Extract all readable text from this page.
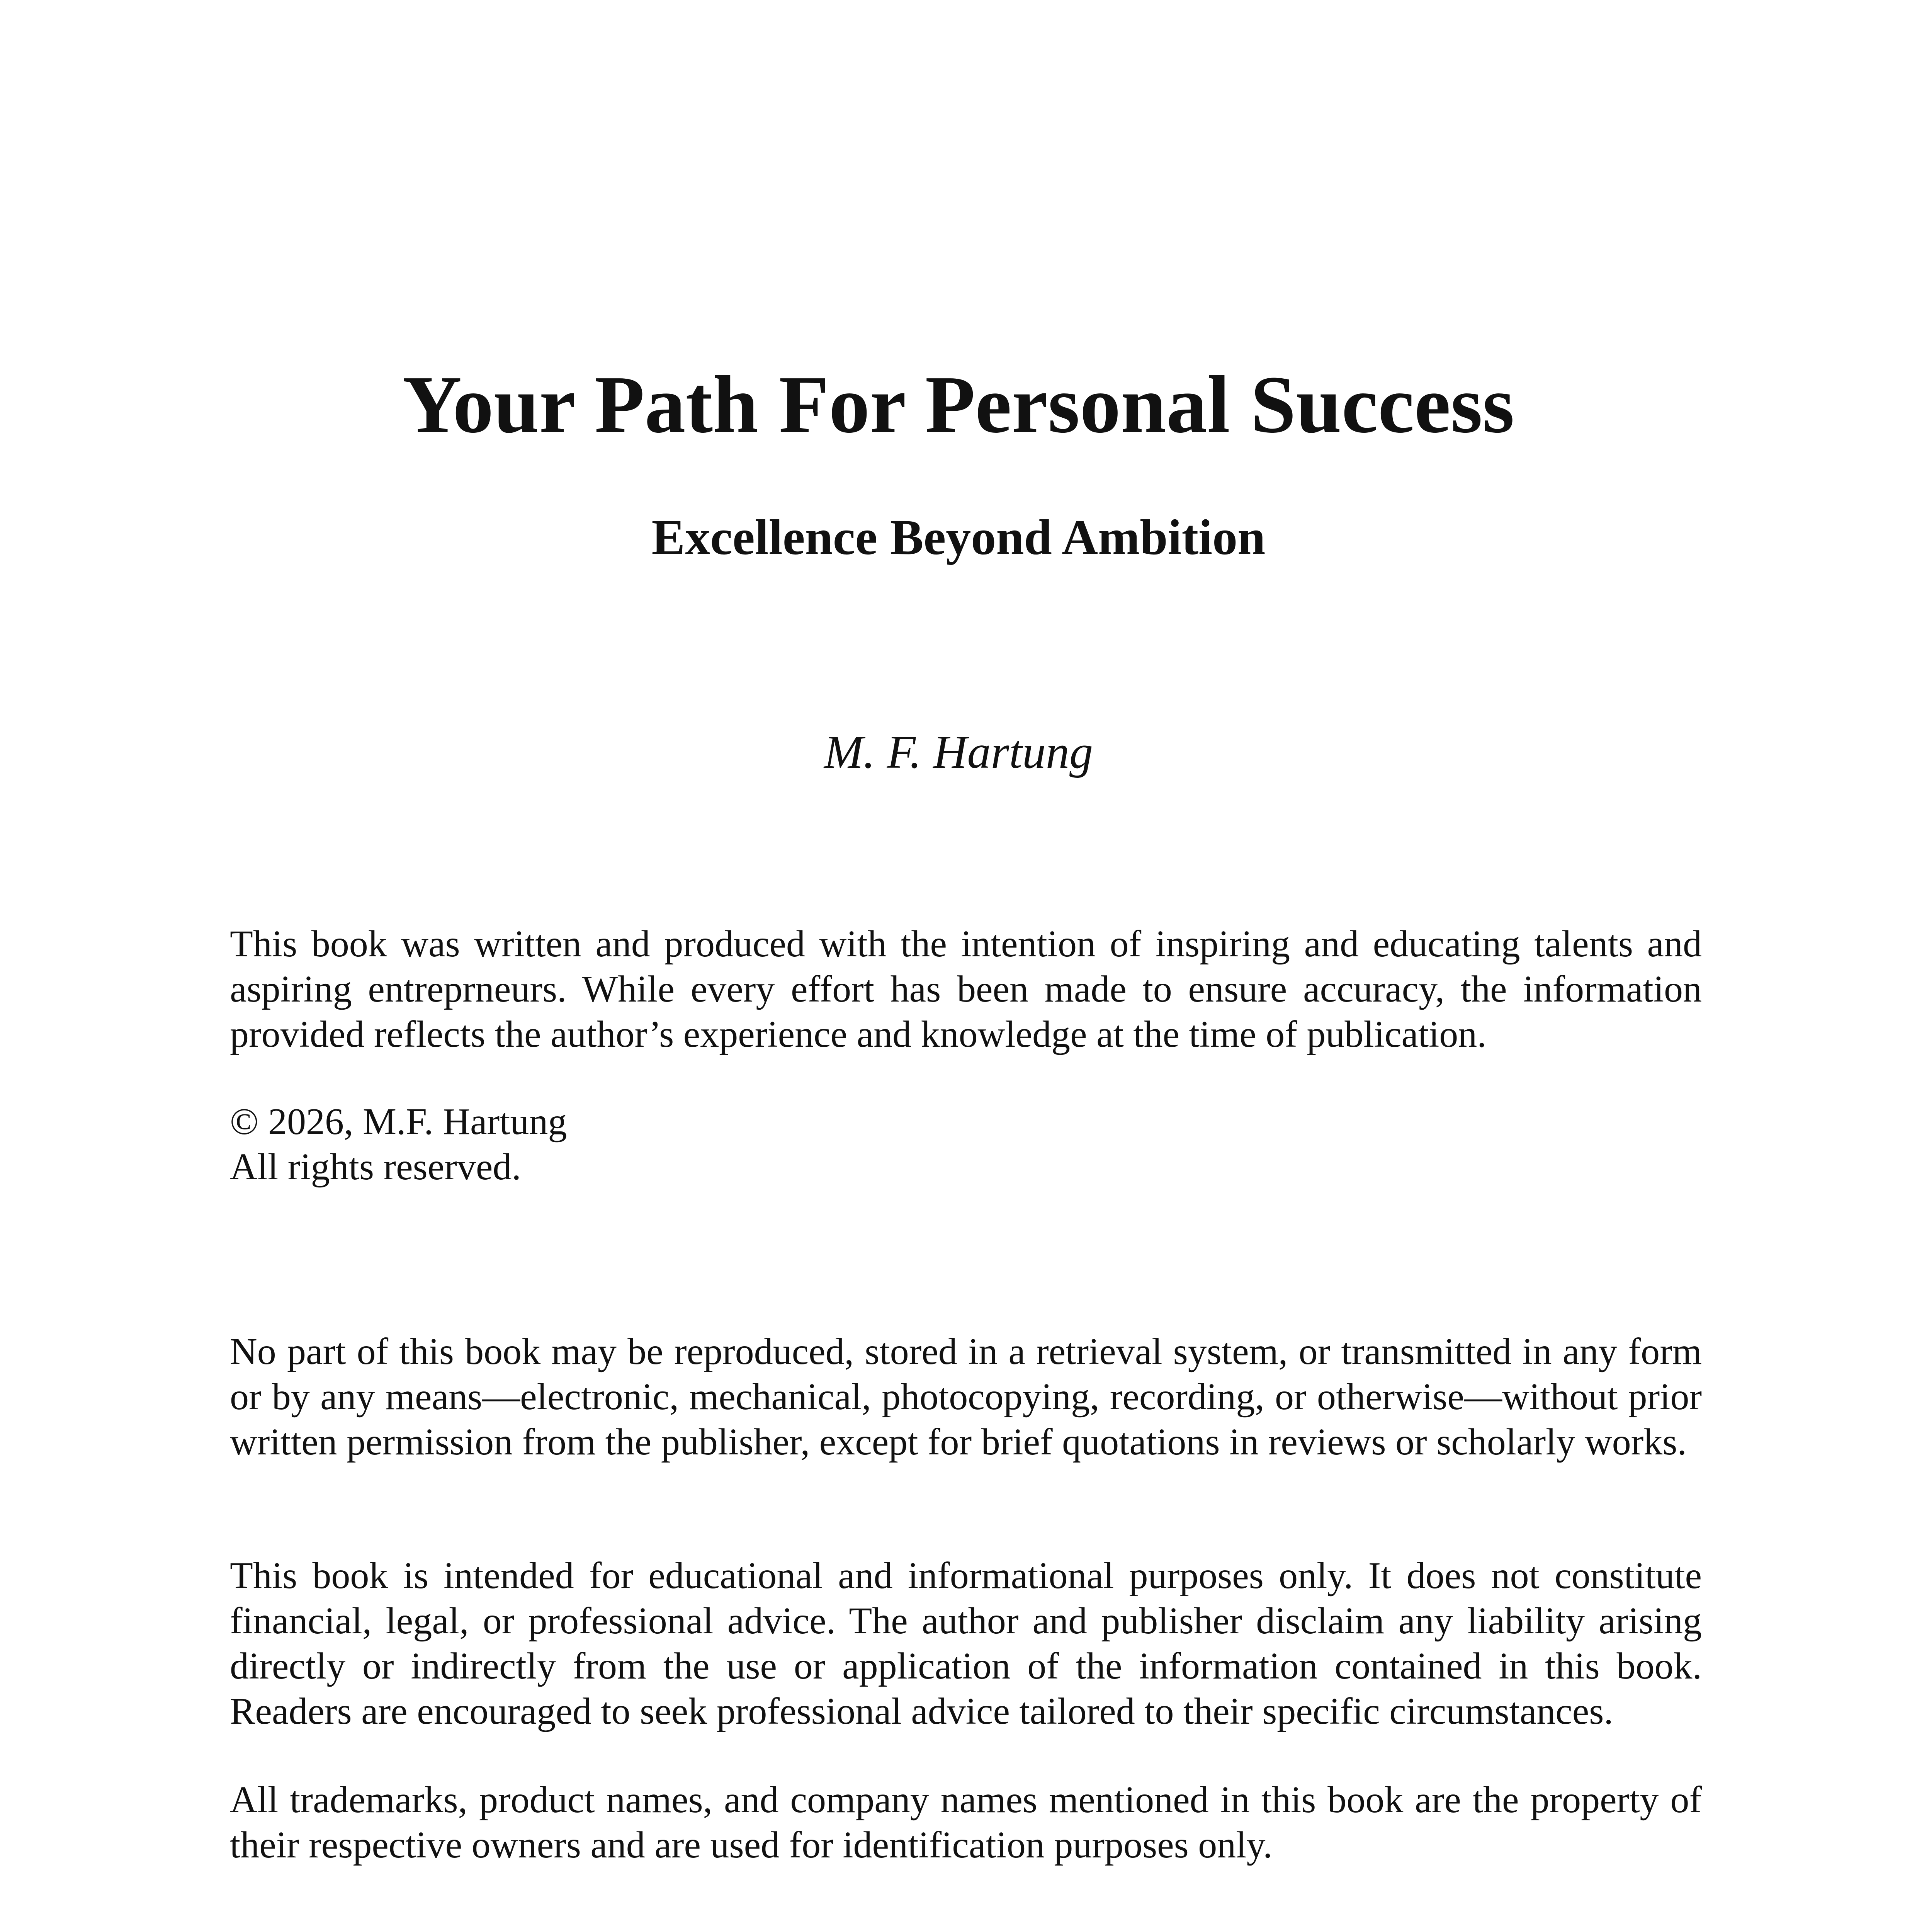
Your Path For Personal Success
Excellence Beyond Ambition
M. F. Hartung

This book was written and produced with the intention of inspiring and educating talents and aspiring entreprneurs. While every effort has been made to ensure accuracy, the information provided reflects the author’s experience and knowledge at the time of publication.

© 2026, M.F. Hartung
All rights reserved.

No part of this book may be reproduced, stored in a retrieval system, or transmitted in any form or by any means—electronic, mechanical, photocopying, recording, or otherwise—without prior written permission from the publisher, except for brief quotations in reviews or scholarly works.

This book is intended for educational and informational purposes only. It does not constitute financial, legal, or professional advice. The author and publisher disclaim any liability arising directly or indirectly from the use or application of the information contained in this book. Readers are encouraged to seek professional advice tailored to their specific circumstances.

All trademarks, product names, and company names mentioned in this book are the property of their respective owners and are used for identification purposes only.
